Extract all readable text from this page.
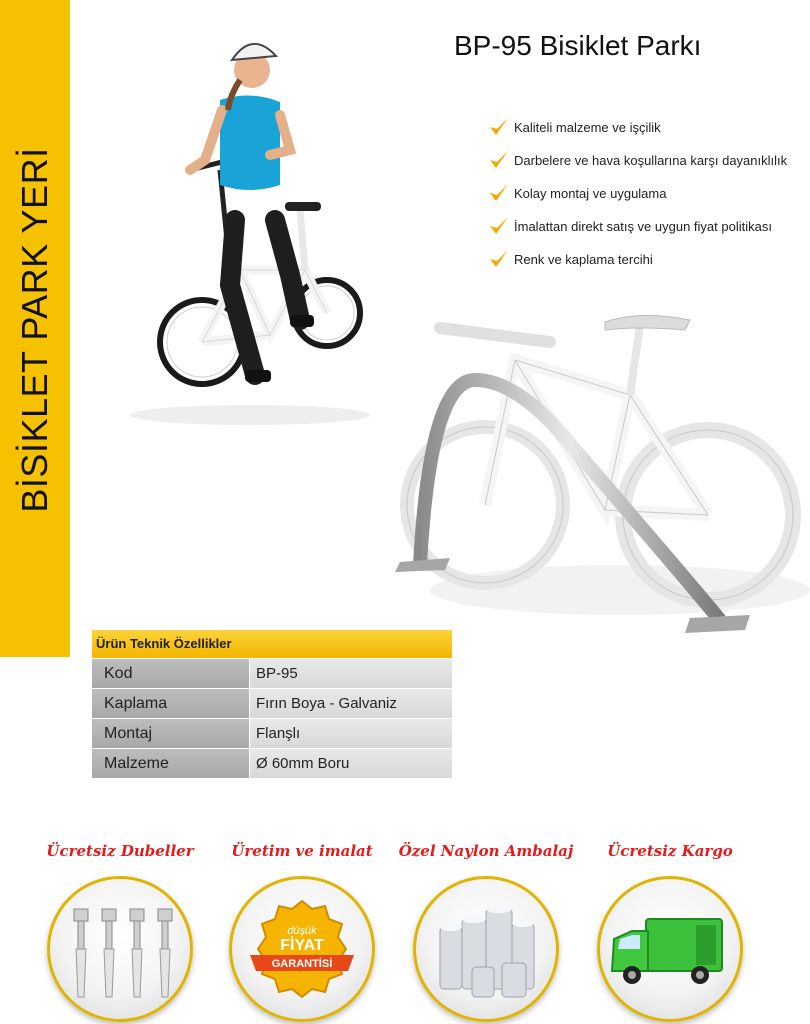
BİSİKLET PARK YERİ
BP-95 Bisiklet Parkı
Kaliteli malzeme ve işçilik
Darbelere ve hava koşullarına karşı dayanıklılık
Kolay montaj ve uygulama
İmalattan direkt satış ve uygun fiyat politikası
Renk ve kaplama tercihi
Ürün Teknik Özellikler
Kod	BP-95
Kaplama	Fırın Boya - Galvaniz
Montaj	Flanşlı
Malzeme	Ø 60mm Boru
Ücretsiz Dubeller	Üretim ve imalat
düşük
FİYAT
GARANTİSİ
Özel Naylon Ambalaj	Ücretsiz Kargo
